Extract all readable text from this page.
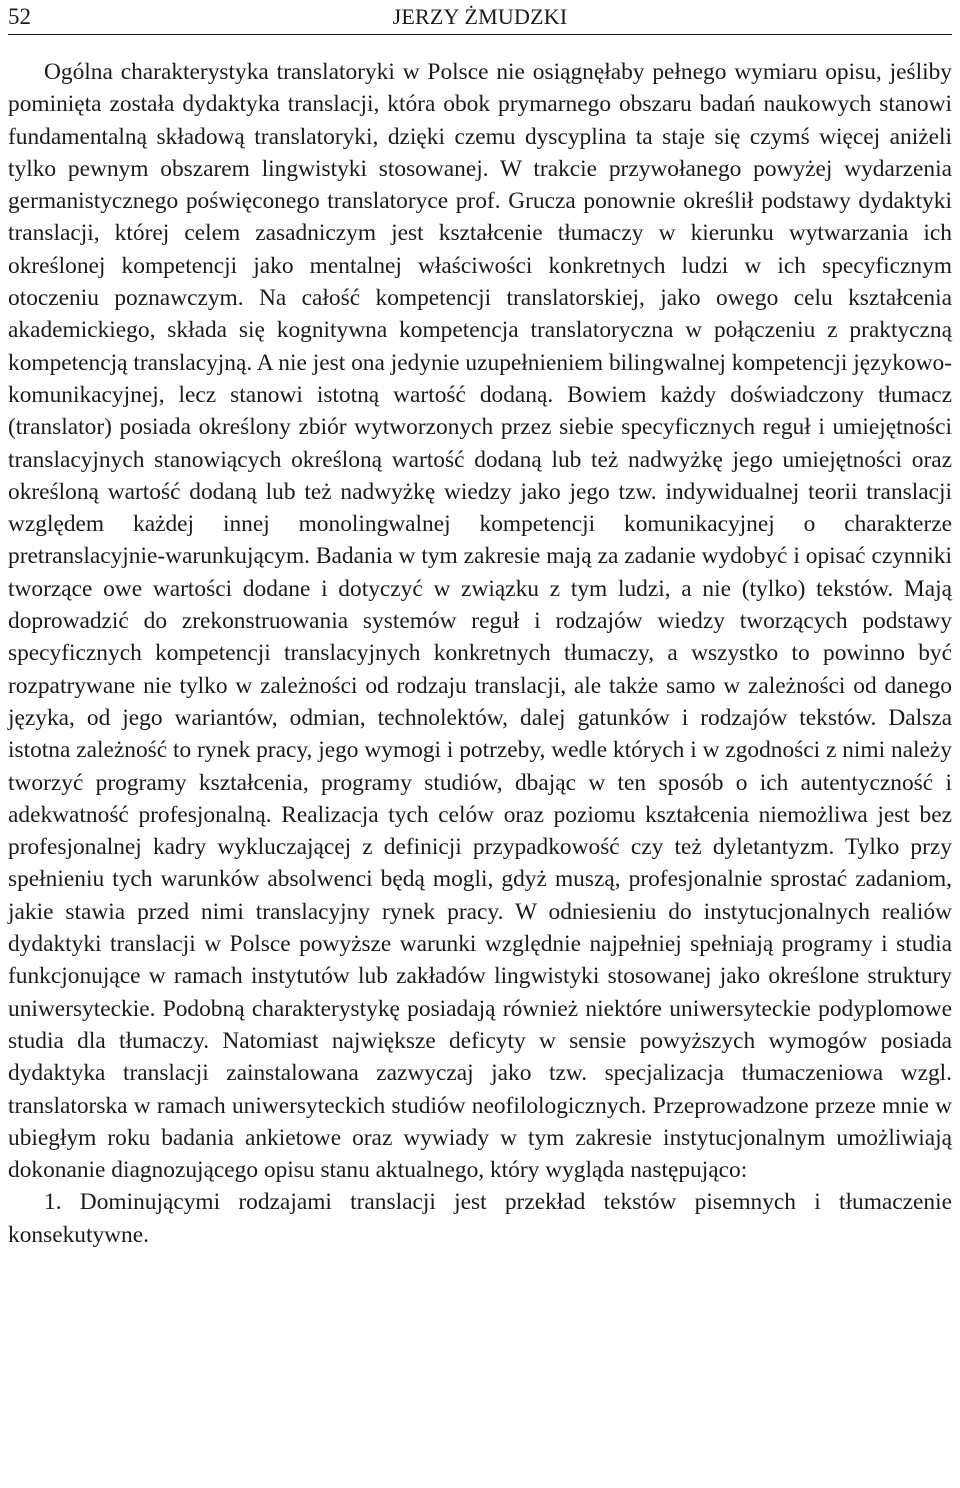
52	JERZY ŻMUDZKI

Ogólna charakterystyka translatoryki w Polsce nie osiągnęłaby pełnego wymiaru opisu, jeśliby pominięta została dydaktyka translacji, która obok prymarnego obszaru badań naukowych stanowi fundamentalną składową translatoryki, dzięki czemu dyscyplina ta staje się czymś więcej aniżeli tylko pewnym obszarem lingwistyki stosowanej. W trakcie przywołanego powyżej wydarzenia germanistycznego poświęconego translatoryce prof. Grucza ponownie określił podstawy dydaktyki translacji, której celem zasadniczym jest kształcenie tłumaczy w kierunku wytwarzania ich określonej kompetencji jako mentalnej właściwości konkretnych ludzi w ich specyficznym otoczeniu poznawczym. Na całość kompetencji translatorskiej, jako owego celu kształcenia akademickiego, składa się kognitywna kompetencja translatoryczna w połączeniu z praktyczną kompetencją translacyjną. A nie jest ona jedynie uzupełnieniem bilingwalnej kompetencji językowo-komunikacyjnej, lecz stanowi istotną wartość dodaną. Bowiem każdy doświadczony tłumacz (translator) posiada określony zbiór wytworzonych przez siebie specyficznych reguł i umiejętności translacyjnych stanowiących określoną wartość dodaną lub też nadwyżkę jego umiejętności oraz określoną wartość dodaną lub też nadwyżkę wiedzy jako jego tzw. indywidualnej teorii translacji względem każdej innej monolingwalnej kompetencji komunikacyjnej o charakterze pretranslacyjnie-warunkującym. Badania w tym zakresie mają za zadanie wydobyć i opisać czynniki tworzące owe wartości dodane i dotyczyć w związku z tym ludzi, a nie (tylko) tekstów. Mają doprowadzić do zrekonstruowania systemów reguł i rodzajów wiedzy tworzących podstawy specyficznych kompetencji translacyjnych konkretnych tłumaczy, a wszystko to powinno być rozpatrywane nie tylko w zależności od rodzaju translacji, ale także samo w zależności od danego języka, od jego wariantów, odmian, technolektów, dalej gatunków i rodzajów tekstów. Dalsza istotna zależność to rynek pracy, jego wymogi i potrzeby, wedle których i w zgodności z nimi należy tworzyć programy kształcenia, programy studiów, dbając w ten sposób o ich autentyczność i adekwatność profesjonalną. Realizacja tych celów oraz poziomu kształcenia niemożliwa jest bez profesjonalnej kadry wykluczającej z definicji przypadkowość czy też dyletantyzm. Tylko przy spełnieniu tych warunków absolwenci będą mogli, gdyż muszą, profesjonalnie sprostać zadaniom, jakie stawia przed nimi translacyjny rynek pracy. W odniesieniu do instytucjonalnych realiów dydaktyki translacji w Polsce powyższe warunki względnie najpełniej spełniają programy i studia funkcjonujące w ramach instytutów lub zakładów lingwistyki stosowanej jako określone struktury uniwersyteckie. Podobną charakterystykę posiadają również niektóre uniwersyteckie podyplomowe studia dla tłumaczy. Natomiast największe deficyty w sensie powyższych wymogów posiada dydaktyka translacji zainstalowana zazwyczaj jako tzw. specjalizacja tłumaczeniowa wzgl. translatorska w ramach uniwersyteckich studiów neofilologicznych. Przeprowadzone przeze mnie w ubiegłym roku badania ankietowe oraz wywiady w tym zakresie instytucjonalnym umożliwiają dokonanie diagnozującego opisu stanu aktualnego, który wygląda następująco:

1. Dominującymi rodzajami translacji jest przekład tekstów pisemnych i tłumaczenie konsekutywne.
